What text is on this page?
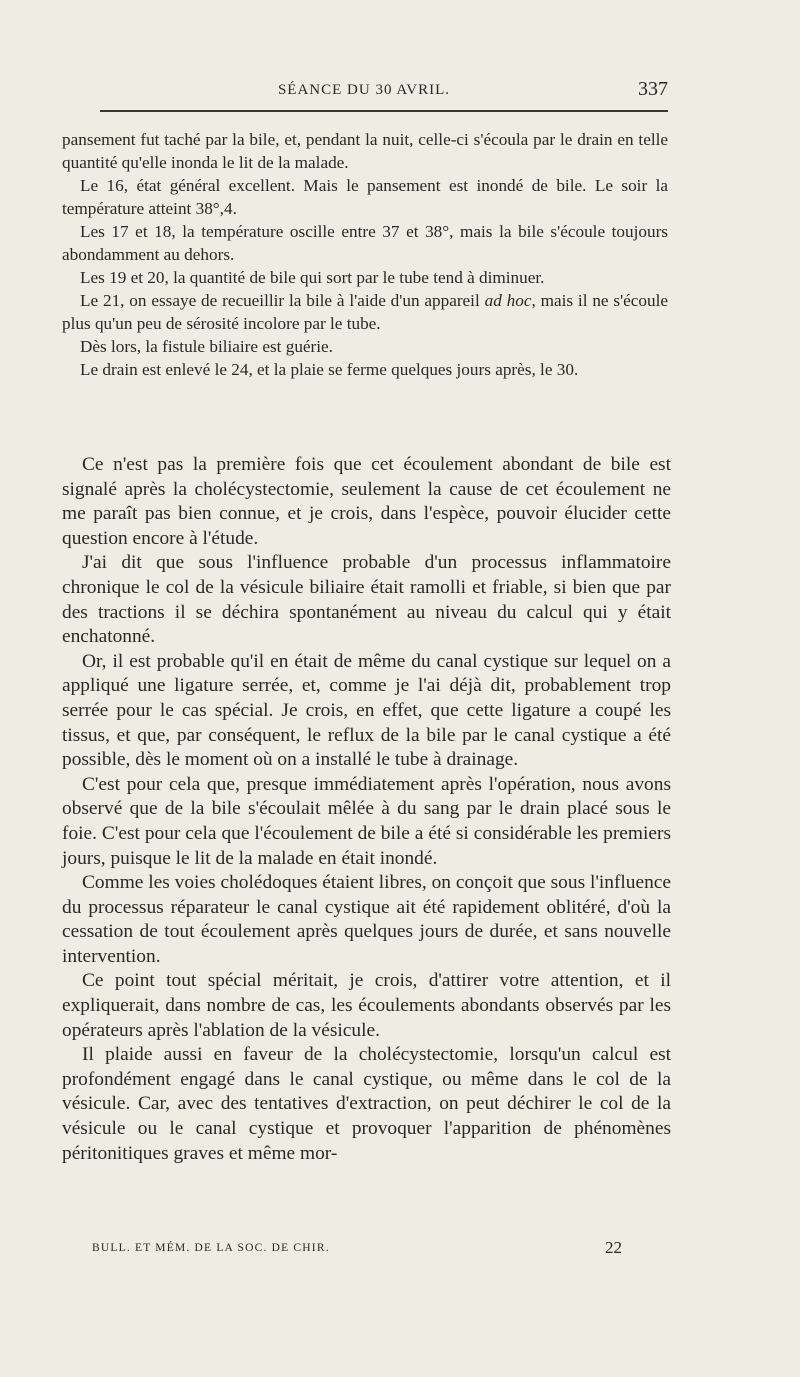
SÉANCE DU 30 AVRIL.	337

pansement fut taché par la bile, et, pendant la nuit, celle-ci s'écoula par le drain en telle quantité qu'elle inonda le lit de la malade.

Le 16, état général excellent. Mais le pansement est inondé de bile. Le soir la température atteint 38°,4.

Les 17 et 18, la température oscille entre 37 et 38°, mais la bile s'écoule toujours abondamment au dehors.

Les 19 et 20, la quantité de bile qui sort par le tube tend à diminuer.

Le 21, on essaye de recueillir la bile à l'aide d'un appareil ad hoc, mais il ne s'écoule plus qu'un peu de sérosité incolore par le tube.

Dès lors, la fistule biliaire est guérie.

Le drain est enlevé le 24, et la plaie se ferme quelques jours après, le 30.

Ce n'est pas la première fois que cet écoulement abondant de bile est signalé après la cholécystectomie, seulement la cause de cet écoulement ne me paraît pas bien connue, et je crois, dans l'espèce, pouvoir élucider cette question encore à l'étude.

J'ai dit que sous l'influence probable d'un processus inflammatoire chronique le col de la vésicule biliaire était ramolli et friable, si bien que par des tractions il se déchira spontanément au niveau du calcul qui y était enchatonné.

Or, il est probable qu'il en était de même du canal cystique sur lequel on a appliqué une ligature serrée, et, comme je l'ai déjà dit, probablement trop serrée pour le cas spécial. Je crois, en effet, que cette ligature a coupé les tissus, et que, par conséquent, le reflux de la bile par le canal cystique a été possible, dès le moment où on a installé le tube à drainage.

C'est pour cela que, presque immédiatement après l'opération, nous avons observé que de la bile s'écoulait mêlée à du sang par le drain placé sous le foie. C'est pour cela que l'écoulement de bile a été si considérable les premiers jours, puisque le lit de la malade en était inondé.

Comme les voies cholédoques étaient libres, on conçoit que sous l'influence du processus réparateur le canal cystique ait été rapidement oblitéré, d'où la cessation de tout écoulement après quelques jours de durée, et sans nouvelle intervention.

Ce point tout spécial méritait, je crois, d'attirer votre attention, et il expliquerait, dans nombre de cas, les écoulements abondants observés par les opérateurs après l'ablation de la vésicule.

Il plaide aussi en faveur de la cholécystectomie, lorsqu'un calcul est profondément engagé dans le canal cystique, ou même dans le col de la vésicule. Car, avec des tentatives d'extraction, on peut déchirer le col de la vésicule ou le canal cystique et provoquer l'apparition de phénomènes péritonitiques graves et même mor-

BULL. ET MÉM. DE LA SOC. DE CHIR.	22
